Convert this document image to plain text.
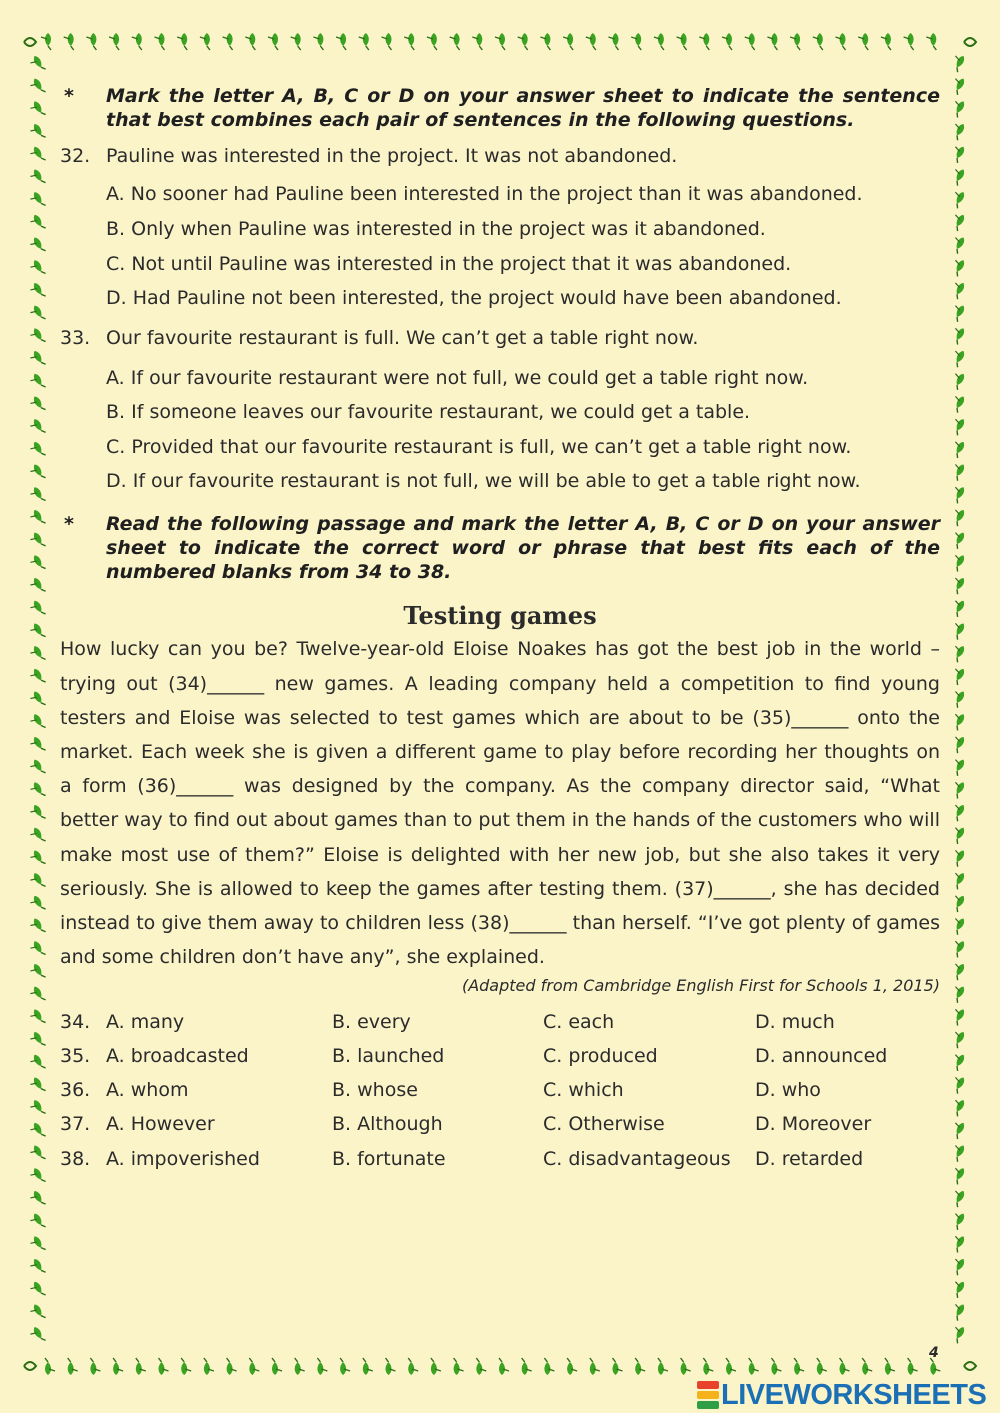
* Mark the letter A, B, C or D on your answer sheet to indicate the sentence that best combines each pair of sentences in the following questions.
32. Pauline was interested in the project. It was not abandoned.
A. No sooner had Pauline been interested in the project than it was abandoned.
B. Only when Pauline was interested in the project was it abandoned.
C. Not until Pauline was interested in the project that it was abandoned.
D. Had Pauline not been interested, the project would have been abandoned.
33. Our favourite restaurant is full. We can’t get a table right now.
A. If our favourite restaurant were not full, we could get a table right now.
B. If someone leaves our favourite restaurant, we could get a table.
C. Provided that our favourite restaurant is full, we can’t get a table right now.
D. If our favourite restaurant is not full, we will be able to get a table right now.
* Read the following passage and mark the letter A, B, C or D on your answer sheet to indicate the correct word or phrase that best fits each of the numbered blanks from 34 to 38.
Testing games
How lucky can you be? Twelve-year-old Eloise Noakes has got the best job in the world –
trying out (34)______ new games. A leading company held a competition to find young
testers and Eloise was selected to test games which are about to be (35)______ onto the
market. Each week she is given a different game to play before recording her thoughts on
a form (36)______ was designed by the company. As the company director said, “What
better way to find out about games than to put them in the hands of the customers who will
make most use of them?” Eloise is delighted with her new job, but she also takes it very
seriously. She is allowed to keep the games after testing them. (37)______, she has decided
instead to give them away to children less (38)______ than herself. “I’ve got plenty of games
and some children don’t have any”, she explained.
(Adapted from Cambridge English First for Schools 1, 2015)
34. A. many	B. every	C. each	D. much
35. A. broadcasted	B. launched	C. produced	D. announced
36. A. whom	B. whose	C. which	D. who
37. A. However	B. Although	C. Otherwise	D. Moreover
38. A. impoverished	B. fortunate	C. disadvantageous D. retarded
4
LIVEWORKSHEETS
